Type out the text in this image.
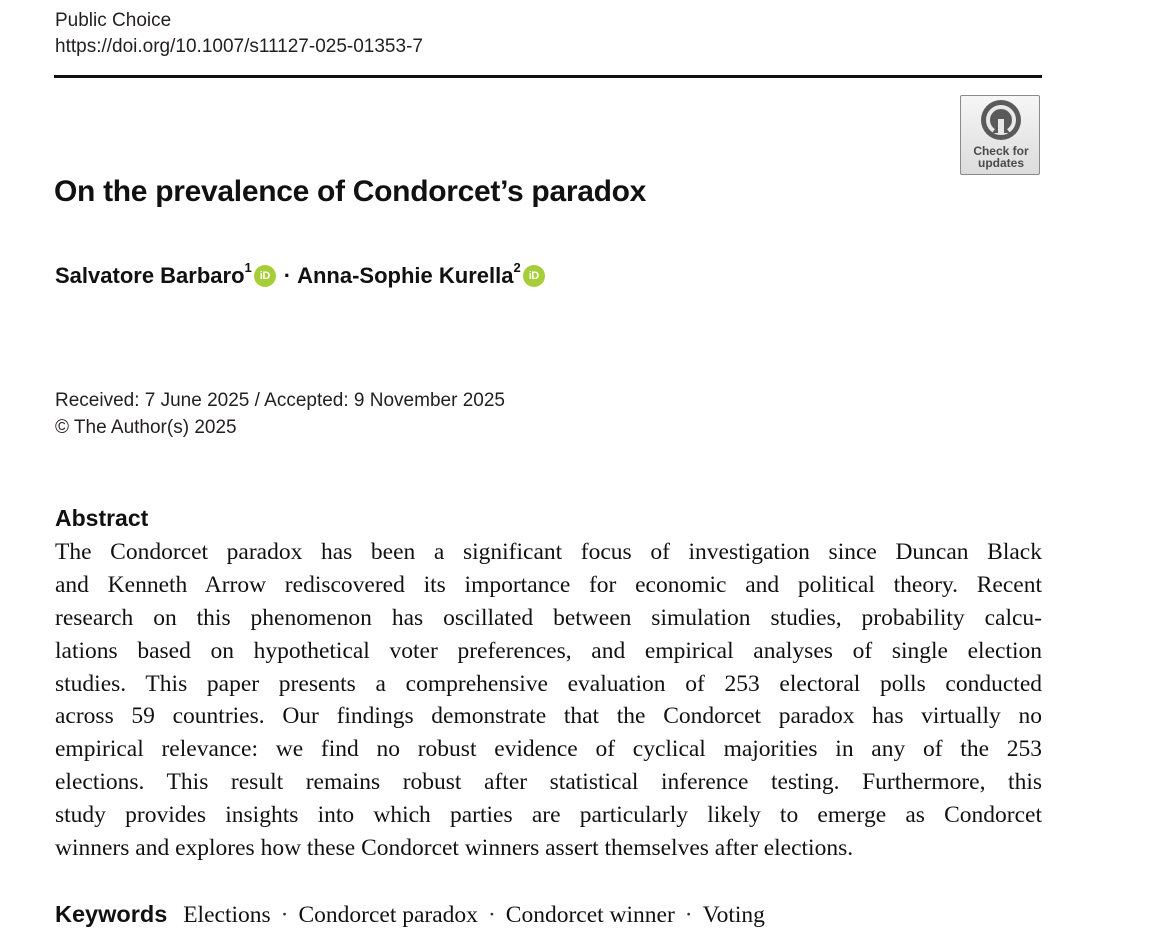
Public Choice
https://doi.org/10.1007/s11127-025-01353-7
Check for
updates
On the prevalence of Condorcet’s paradox
Salvatore Barbaro$^1$iD · Anna-Sophie Kurella$^2$iD
Received: 7 June 2025 / Accepted: 9 November 2025
© The Author(s) 2025
Abstract
The Condorcet paradox has been a significant focus of investigation since Duncan Black
and Kenneth Arrow rediscovered its importance for economic and political theory. Recent
research on this phenomenon has oscillated between simulation studies, probability calcu-
lations based on hypothetical voter preferences, and empirical analyses of single election
studies. This paper presents a comprehensive evaluation of 253 electoral polls conducted
across 59 countries. Our findings demonstrate that the Condorcet paradox has virtually no
empirical relevance: we find no robust evidence of cyclical majorities in any of the 253
elections. This result remains robust after statistical inference testing. Furthermore, this
study provides insights into which parties are particularly likely to emerge as Condorcet
winners and explores how these Condorcet winners assert themselves after elections.
Keywords Elections · Condorcet paradox · Condorcet winner · Voting
